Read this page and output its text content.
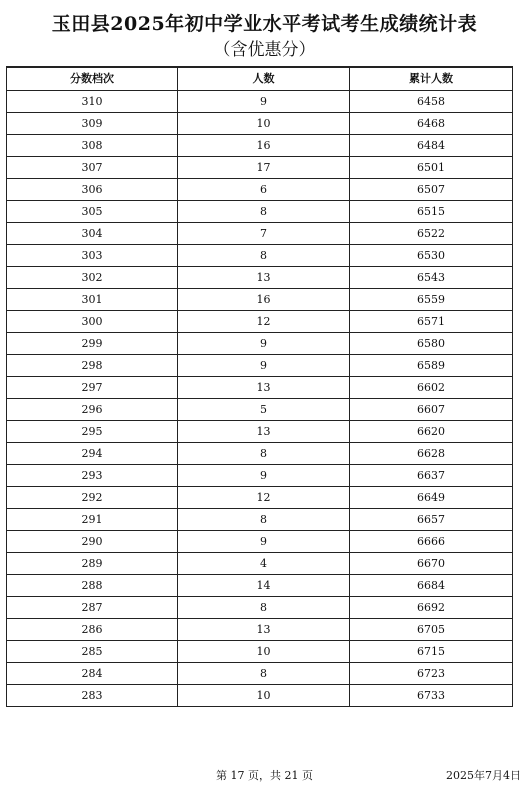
玉田县2025年初中学业水平考试考生成绩统计表
（含优惠分）
分数档次	人数	累计人数
310	9	6458
309	10	6468
308	16	6484
307	17	6501
306	6	6507
305	8	6515
304	7	6522
303	8	6530
302	13	6543
301	16	6559
300	12	6571
299	9	6580
298	9	6589
297	13	6602
296	5	6607
295	13	6620
294	8	6628
293	9	6637
292	12	6649
291	8	6657
290	9	6666
289	4	6670
288	14	6684
287	8	6692
286	13	6705
285	10	6715
284	8	6723
283	10	6733
第 17 页，共 21 页	2025年7月4日
